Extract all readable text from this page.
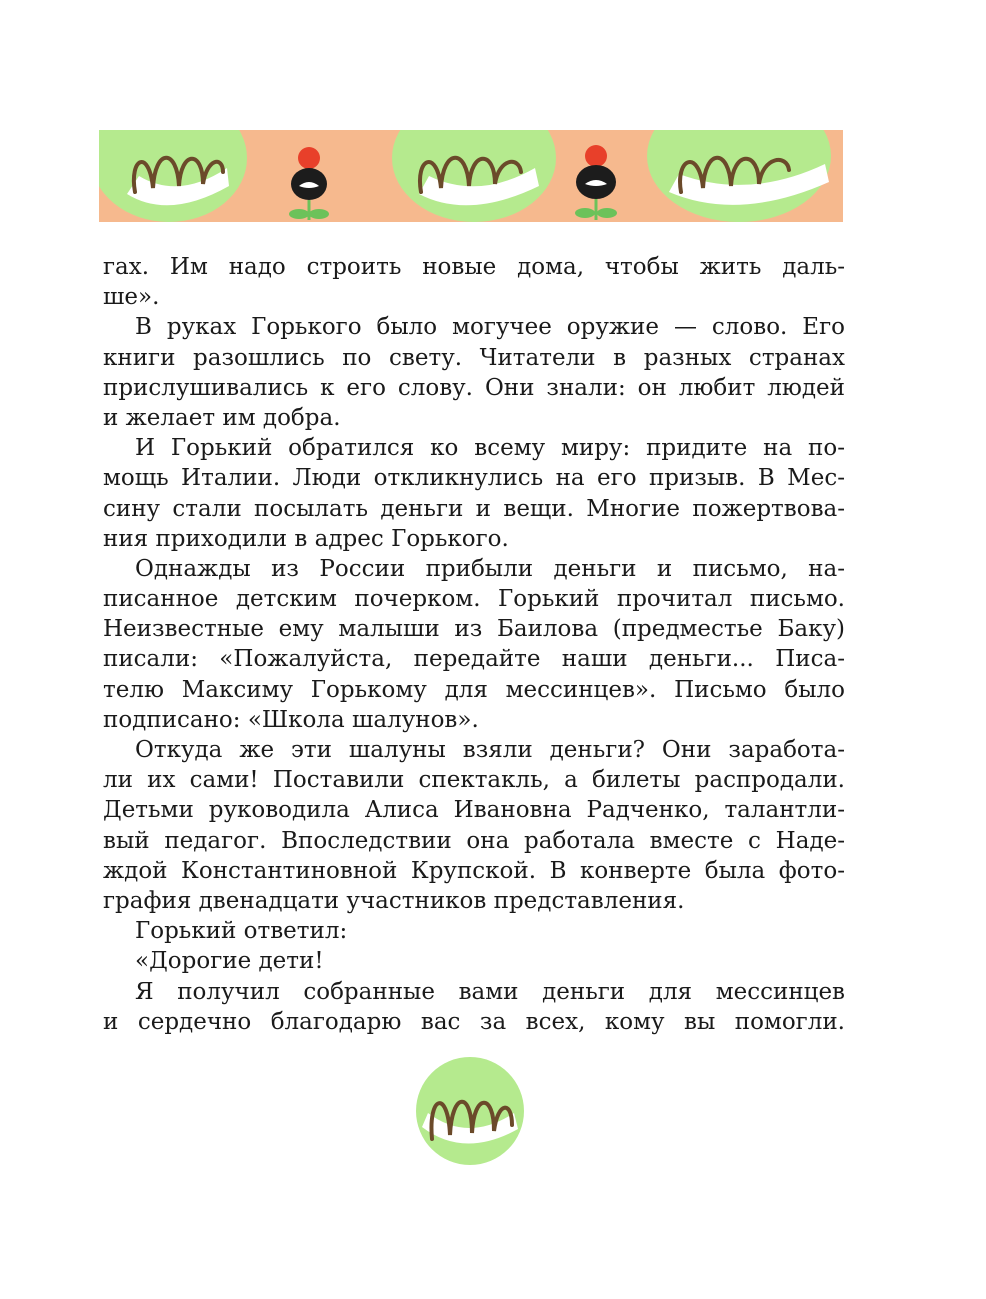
гах. Им надо строить новые дома, чтобы жить даль-
ше».
В руках Горького было могучее оружие — слово. Его
книги разошлись по свету. Читатели в разных странах
прислушивались к его слову. Они знали: он любит людей
и желает им добра.
И Горький обратился ко всему миру: придите на по-
мощь Италии. Люди откликнулись на его призыв. В Мес-
сину стали посылать деньги и вещи. Многие пожертвова-
ния приходили в адрес Горького.
Однажды из России прибыли деньги и письмо, на-
писанное детским почерком. Горький прочитал письмо.
Неизвестные ему малыши из Баилова (предместье Баку)
писали: «Пожалуйста, передайте наши деньги... Писа-
телю Максиму Горькому для мессинцев». Письмо было
подписано: «Школа шалунов».
Откуда же эти шалуны взяли деньги? Они заработа-
ли их сами! Поставили спектакль, а билеты распродали.
Детьми руководила Алиса Ивановна Радченко, талантли-
вый педагог. Впоследствии она работала вместе с Наде-
ждой Константиновной Крупской. В конверте была фото-
графия двенадцати участников представления.
Горький ответил:
«Дорогие дети!
Я получил собранные вами деньги для мессинцев
и сердечно благодарю вас за всех, кому вы помогли.
